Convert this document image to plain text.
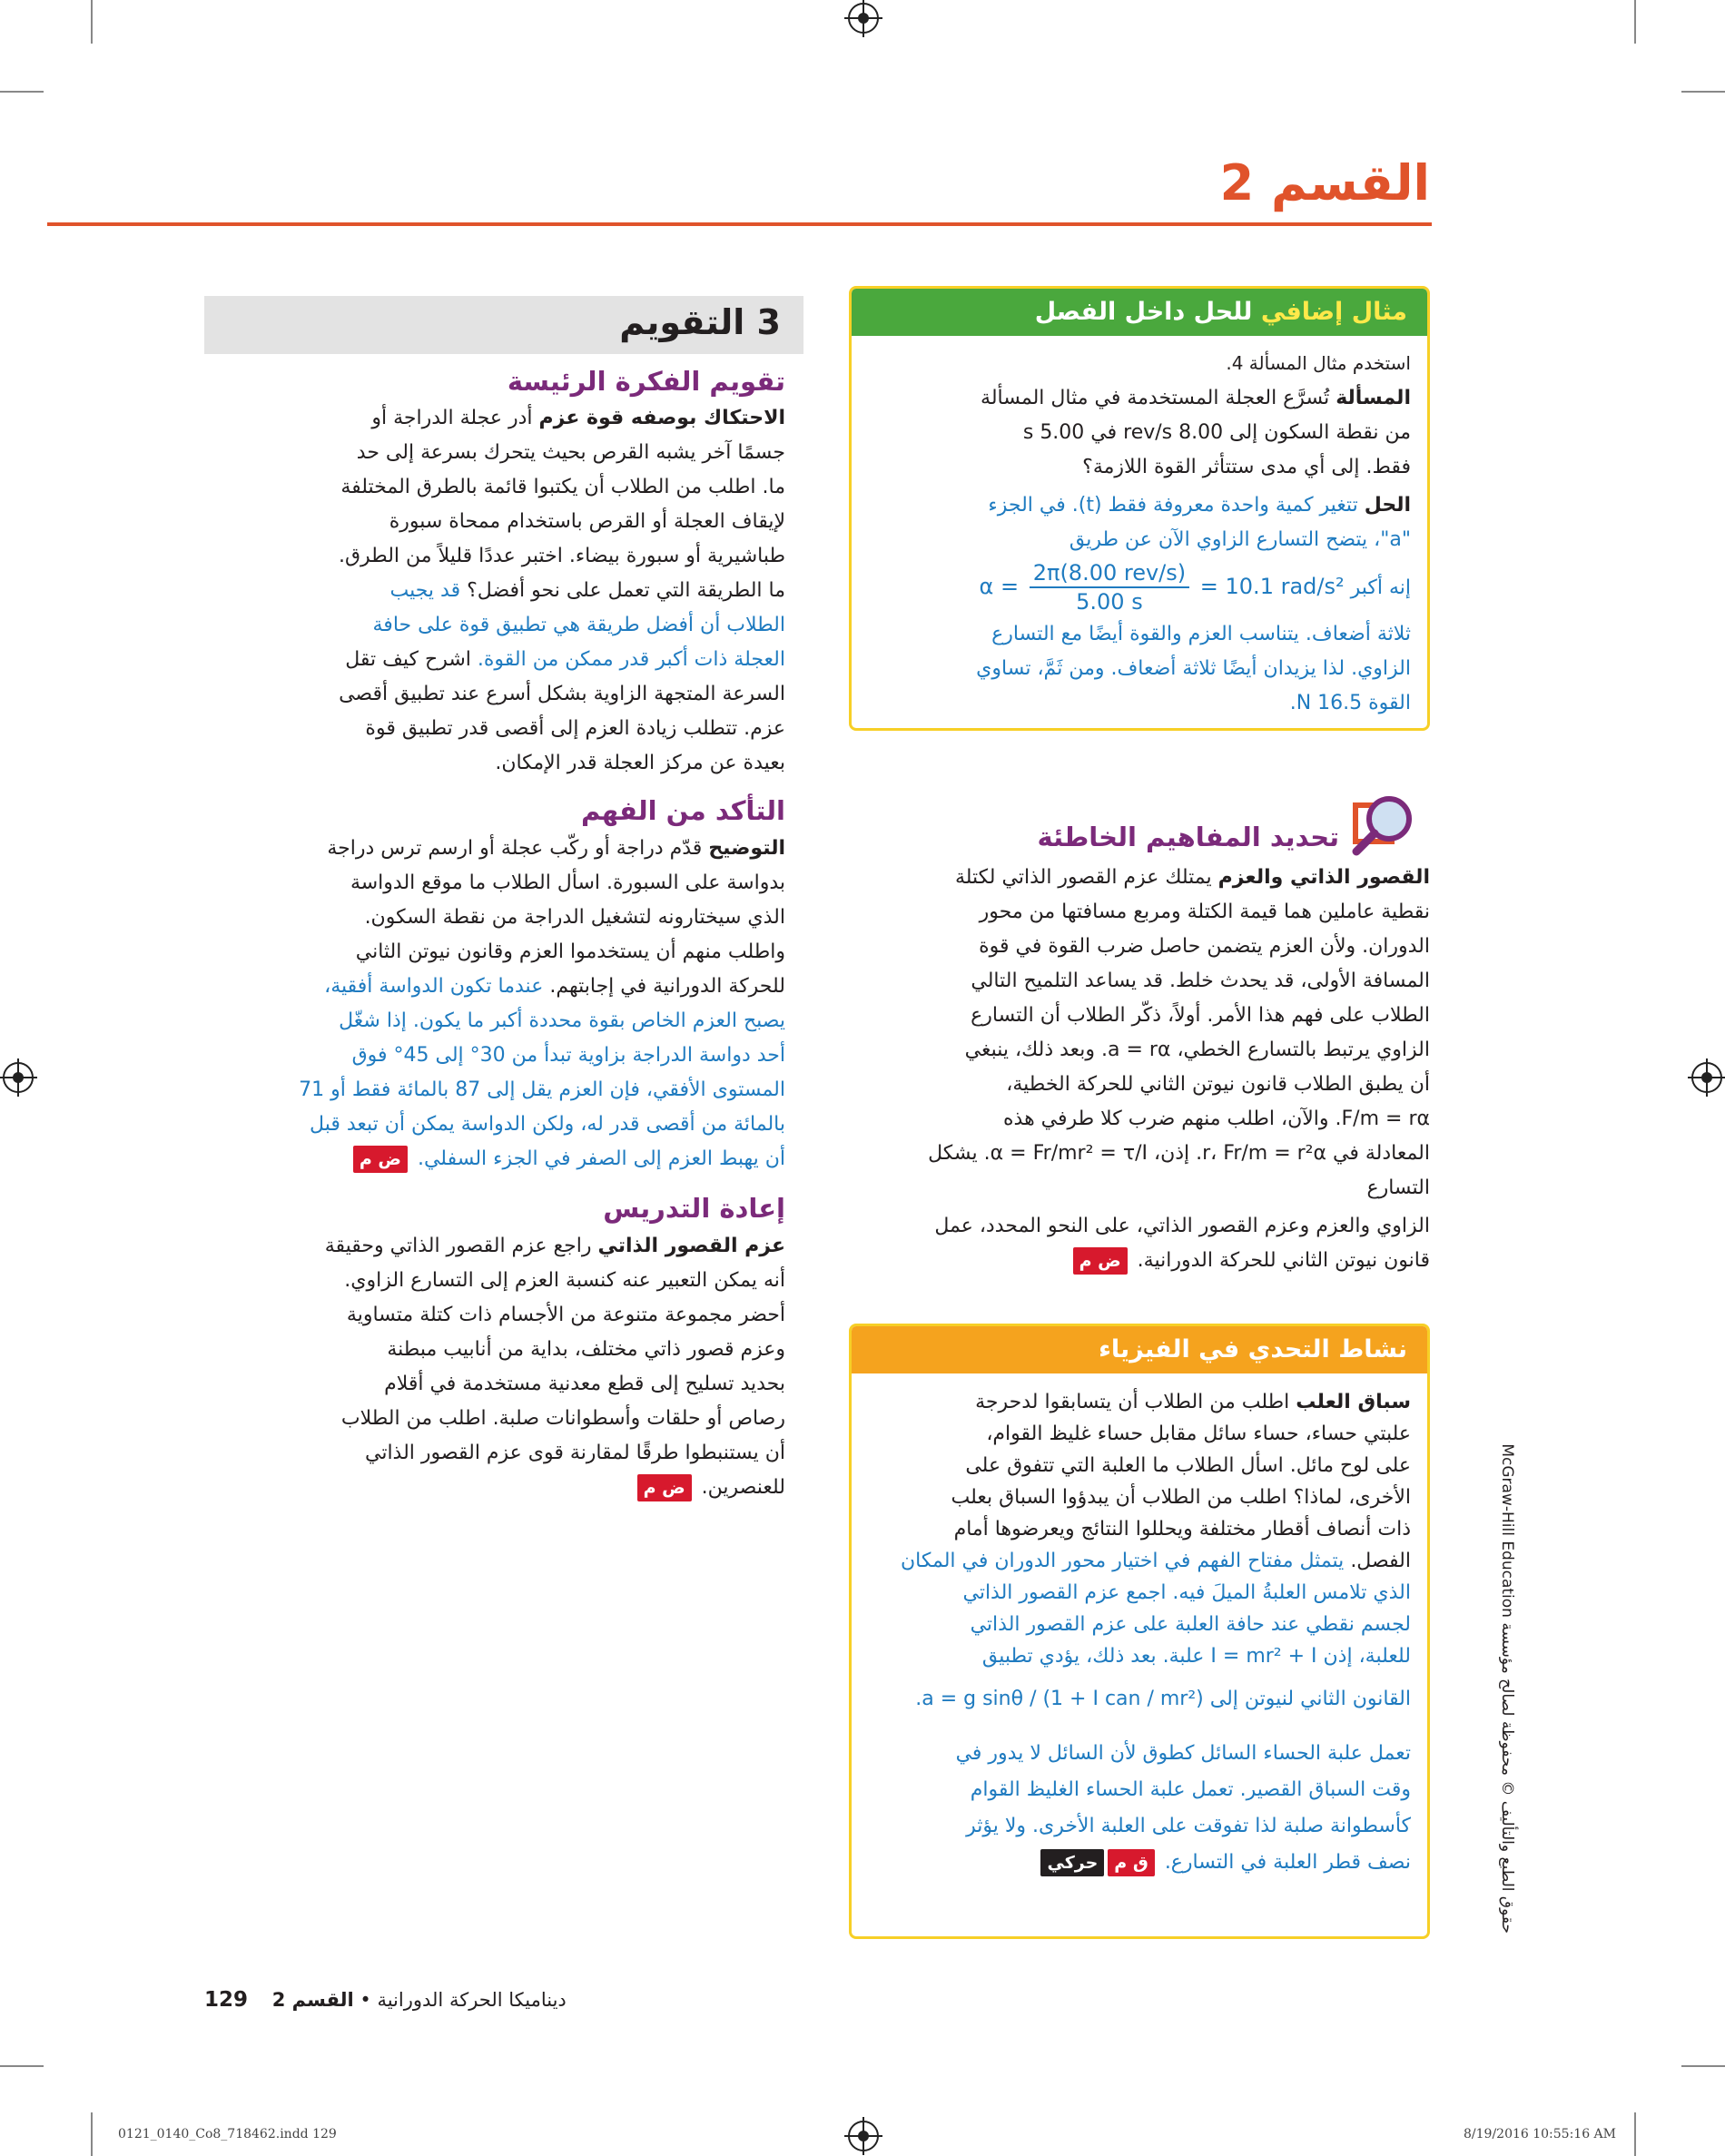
القسم 2
مثال إضافي للحل داخل الفصل
استخدم مثال المسألة 4.
المسألة تُسرَّع العجلة المستخدمة في مثال المسألة
من نقطة السكون إلى 8.00 rev/s في 5.00 s
فقط. إلى أي مدى ستتأثر القوة اللازمة؟
الحل تتغير كمية واحدة معروفة فقط (t). في الجزء
"a"، يتضح التسارع الزاوي الآن عن طريق
إنه أكبر $\alpha = \frac{\text{2π(8.00 rev/s)}}{5.00 s} = 10.1$ rad/s²
ثلاثة أضعاف. يتناسب العزم والقوة أيضًا مع التسارع
الزاوي. لذا يزيدان أيضًا ثلاثة أضعاف. ومن ثَمَّ، تساوي
القوة 16.5 N.
تحديد المفاهيم الخاطئة
القصور الذاتي والعزم يمتلك عزم القصور الذاتي لكتلة
نقطية عاملين هما قيمة الكتلة ومربع مسافتها من محور
الدوران. ولأن العزم يتضمن حاصل ضرب القوة في قوة
المسافة الأولى، قد يحدث خلط. قد يساعد التلميح التالي
الطلاب على فهم هذا الأمر. أولاً، ذكّر الطلاب أن التسارع
الزاوي يرتبط بالتسارع الخطي، a = rα. وبعد ذلك، ينبغي
أن يطبق الطلاب قانون نيوتن الثاني للحركة الخطية،
F/m = rα. والآن، اطلب منهم ضرب كلا طرفي هذه
المعادلة في r، Fr/m = r²α. إذن، α = Fr/mr² = τ/I. يشكل
التسارع
الزاوي والعزم وعزم القصور الذاتي، على النحو المحدد، عمل
قانون نيوتن الثاني للحركة الدورانية. ض م
نشاط التحدي في الفيزياء
سباق العلب اطلب من الطلاب أن يتسابقوا لدحرجة
علبتي حساء، حساء سائل مقابل حساء غليظ القوام،
على لوح مائل. اسأل الطلاب ما العلبة التي تتفوق على
الأخرى، لماذا؟ اطلب من الطلاب أن يبدؤوا السباق بعلب
ذات أنصاف أقطار مختلفة ويحللوا النتائج ويعرضوها أمام
الفصل. يتمثل مفتاح الفهم في اختيار محور الدوران في المكان
الذي تلامس العلبةُ الميلَ فيه. اجمع عزم القصور الذاتي
لجسم نقطي عند حافة العلبة على عزم القصور الذاتي
للعلبة، إذن I = mr² + I علبة. بعد ذلك، يؤدي تطبيق
القانون الثاني لنيوتن إلى a = g sinθ / (1 + I can / mr²).
تعمل علبة الحساء السائل كطوق لأن السائل لا يدور في
وقت السباق القصير. تعمل علبة الحساء الغليظ القوام
كأسطوانة صلبة لذا تفوقت على العلبة الأخرى. ولا يؤثر
نصف قطر العلبة في التسارع. ق محركي
حقوق الطبع والتأليف © محفوظة لصالح مؤسسة McGraw-Hill Education
3 التقويم
تقويم الفكرة الرئيسة
الاحتكاك بوصفه قوة عزم أدر عجلة الدراجة أو
جسمًا آخر يشبه القرص بحيث يتحرك بسرعة إلى حد
ما. اطلب من الطلاب أن يكتبوا قائمة بالطرق المختلفة
لإيقاف العجلة أو القرص باستخدام ممحاة سبورة
طباشيرية أو سبورة بيضاء. اختبر عددًا قليلاً من الطرق.
ما الطريقة التي تعمل على نحو أفضل؟ قد يجيب
الطلاب أن أفضل طريقة هي تطبيق قوة على حافة
العجلة ذات أكبر قدر ممكن من القوة. اشرح كيف تقل
السرعة المتجهة الزاوية بشكل أسرع عند تطبيق أقصى
عزم. تتطلب زيادة العزم إلى أقصى قدر تطبيق قوة
بعيدة عن مركز العجلة قدر الإمكان.
التأكد من الفهم
التوضيح قدّم دراجة أو ركّب عجلة أو ارسم ترس دراجة
بدواسة على السبورة. اسأل الطلاب ما موقع الدواسة
الذي سيختارونه لتشغيل الدراجة من نقطة السكون.
واطلب منهم أن يستخدموا العزم وقانون نيوتن الثاني
للحركة الدورانية في إجابتهم. عندما تكون الدواسة أفقية،
يصبح العزم الخاص بقوة محددة أكبر ما يكون. إذا شغّل
أحد دواسة الدراجة بزاوية تبدأ من 30° إلى 45° فوق
المستوى الأفقي، فإن العزم يقل إلى 87 بالمائة فقط أو 71
بالمائة من أقصى قدر له، ولكن الدواسة يمكن أن تبعد قبل
أن يهبط العزم إلى الصفر في الجزء السفلي. ض م
إعادة التدريس
عزم القصور الذاتي راجع عزم القصور الذاتي وحقيقة
أنه يمكن التعبير عنه كنسبة العزم إلى التسارع الزاوي.
أحضر مجموعة متنوعة من الأجسام ذات كتلة متساوية
وعزم قصور ذاتي مختلف، بداية من أنابيب مبطنة
بحديد تسليح إلى قطع معدنية مستخدمة في أقلام
رصاص أو حلقات وأسطوانات صلبة. اطلب من الطلاب
أن يستنبطوا طرقًا لمقارنة قوى عزم القصور الذاتي
للعنصرين. ض م
129	ديناميكا الحركة الدورانية • القسم 2
0121_0140_Co8_718462.indd 129	8/19/2016 10:55:16 AM
